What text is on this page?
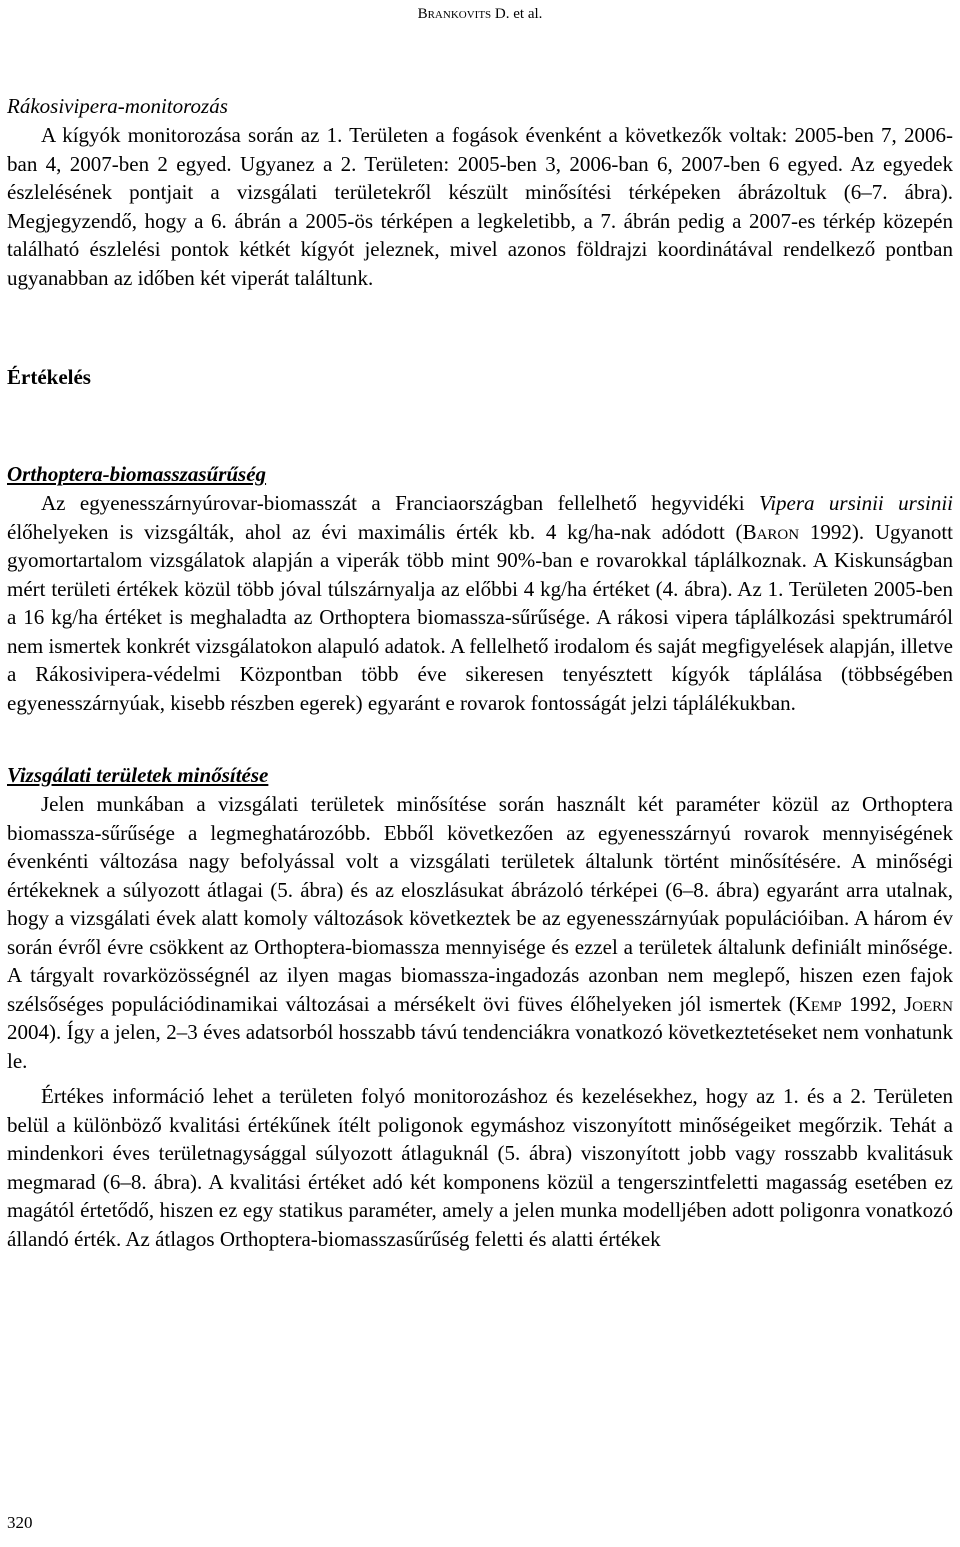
Brankovits D. et al.
Rákosivipera-monitorozás

A kígyók monitorozása során az 1. Területen a fogások évenként a következők voltak: 2005-ben 7, 2006-ban 4, 2007-ben 2 egyed. Ugyanez a 2. Területen: 2005-ben 3, 2006-ban 6, 2007-ben 6 egyed. Az egyedek észlelésének pontjait a vizsgálati területekről készült minősítési térképeken ábrázoltuk (6–7. ábra). Megjegyzendő, hogy a 6. ábrán a 2005-ös térképen a legkeletibb, a 7. ábrán pedig a 2007-es térkép közepén található észlelési pontok kétkét kígyót jeleznek, mivel azonos földrajzi koordinátával rendelkező pontban ugyanabban az időben két viperát találtunk.

Értékelés
Orthoptera-biomasszasűrűség

Az egyenesszárnyúrovar-biomasszát a Franciaországban fellelhető hegyvidéki Vipera ursinii ursinii élőhelyeken is vizsgálták, ahol az évi maximális érték kb. 4 kg/ha-nak adódott (Baron 1992). Ugyanott gyomortartalom vizsgálatok alapján a viperák több mint 90%-ban e rovarokkal táplálkoznak. A Kiskunságban mért területi értékek közül több jóval túlszárnyalja az előbbi 4 kg/ha értéket (4. ábra). Az 1. Területen 2005-ben a 16 kg/ha értéket is meghaladta az Orthoptera biomassza-sűrűsége. A rákosi vipera táplálkozási spektrumáról nem ismertek konkrét vizsgálatokon alapuló adatok. A fellelhető irodalom és saját megfigyelések alapján, illetve a Rákosivipera-védelmi Központban több éve sikeresen tenyésztett kígyók táplálása (többségében egyenesszárnyúak, kisebb részben egerek) egyaránt e rovarok fontosságát jelzi táplálékukban.

Vizsgálati területek minősítése

Jelen munkában a vizsgálati területek minősítése során használt két paraméter közül az Orthoptera biomassza-sűrűsége a legmeghatározóbb. Ebből következően az egyenesszárnyú rovarok mennyiségének évenkénti változása nagy befolyással volt a vizsgálati területek általunk történt minősítésére. A minőségi értékeknek a súlyozott átlagai (5. ábra) és az eloszlásukat ábrázoló térképei (6–8. ábra) egyaránt arra utalnak, hogy a vizsgálati évek alatt komoly változások következtek be az egyenesszárnyúak populációiban. A három év során évről évre csökkent az Orthoptera-biomassza mennyisége és ezzel a területek általunk definiált minősége. A tárgyalt rovarközösségnél az ilyen magas biomassza-ingadozás azonban nem meglepő, hiszen ezen fajok szélsőséges populációdinamikai változásai a mérsékelt övi füves élőhelyeken jól ismertek (Kemp 1992, Joern 2004). Így a jelen, 2–3 éves adatsorból hosszabb távú tendenciákra vonatkozó következtetéseket nem vonhatunk le.

Értékes információ lehet a területen folyó monitorozáshoz és kezelésekhez, hogy az 1. és a 2. Területen belül a különböző kvalitási értékűnek ítélt poligonok egymáshoz viszonyított minőségeiket megőrzik. Tehát a mindenkori éves területnagysággal súlyozott átlaguknál (5. ábra) viszonyított jobb vagy rosszabb kvalitásuk megmarad (6–8. ábra). A kvalitási értéket adó két komponens közül a tengerszintfeletti magasság esetében ez magától értetődő, hiszen ez egy statikus paraméter, amely a jelen munka modelljében adott poligonra vonatkozó állandó érték. Az átlagos Orthoptera-biomasszasűrűség feletti és alatti értékek

320
